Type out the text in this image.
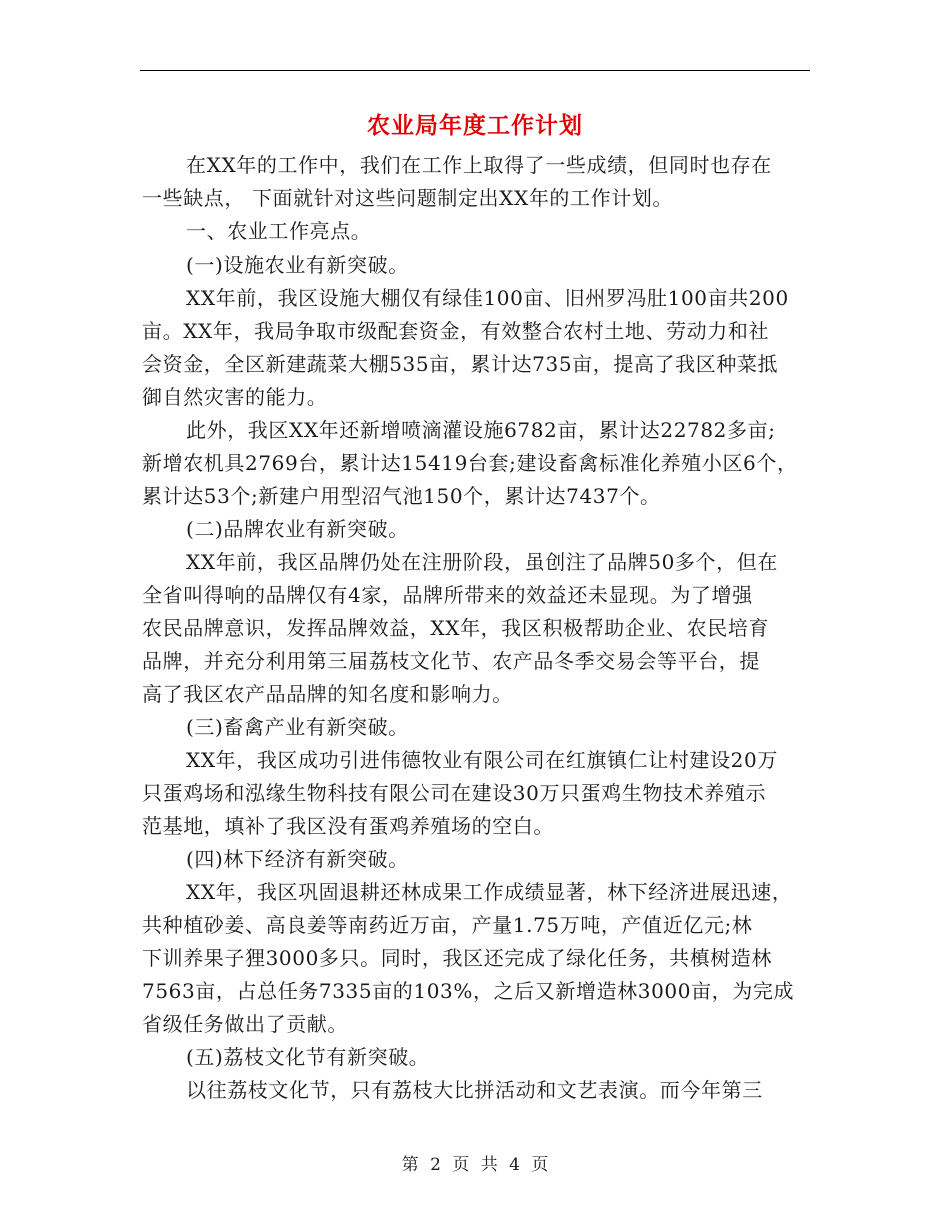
农业局年度工作计划
在XX年的工作中，我们在工作上取得了一些成绩，但同时也存在
一些缺点， 下面就针对这些问题制定出XX年的工作计划。
一、农业工作亮点。
(一)设施农业有新突破。
XX年前，我区设施大棚仅有绿佳100亩、旧州罗冯肚100亩共200
亩。XX年，我局争取市级配套资金，有效整合农村土地、劳动力和社
会资金，全区新建蔬菜大棚535亩，累计达735亩，提高了我区种菜抵
御自然灾害的能力。
此外，我区XX年还新增喷滴灌设施6782亩，累计达22782多亩;
新增农机具2769台，累计达15419台套;建设畜禽标准化养殖小区6个，
累计达53个;新建户用型沼气池150个，累计达7437个。
(二)品牌农业有新突破。
XX年前，我区品牌仍处在注册阶段，虽创注了品牌50多个，但在
全省叫得响的品牌仅有4家，品牌所带来的效益还未显现。为了增强
农民品牌意识，发挥品牌效益，XX年，我区积极帮助企业、农民培育
品牌，并充分利用第三届荔枝文化节、农产品冬季交易会等平台，提
高了我区农产品品牌的知名度和影响力。
(三)畜禽产业有新突破。
XX年，我区成功引进伟德牧业有限公司在红旗镇仁让村建设20万
只蛋鸡场和泓缘生物科技有限公司在建设30万只蛋鸡生物技术养殖示
范基地，填补了我区没有蛋鸡养殖场的空白。
(四)林下经济有新突破。
XX年，我区巩固退耕还林成果工作成绩显著，林下经济进展迅速，
共种植砂姜、高良姜等南药近万亩，产量1.75万吨，产值近亿元;林
下训养果子狸3000多只。同时，我区还完成了绿化任务，共槙树造林
7563亩，占总任务7335亩的103%，之后又新增造林3000亩，为完成
省级任务做出了贡献。
(五)荔枝文化节有新突破。
以往荔枝文化节，只有荔枝大比拼活动和文艺表演。而今年第三
第 2 页 共 4 页
